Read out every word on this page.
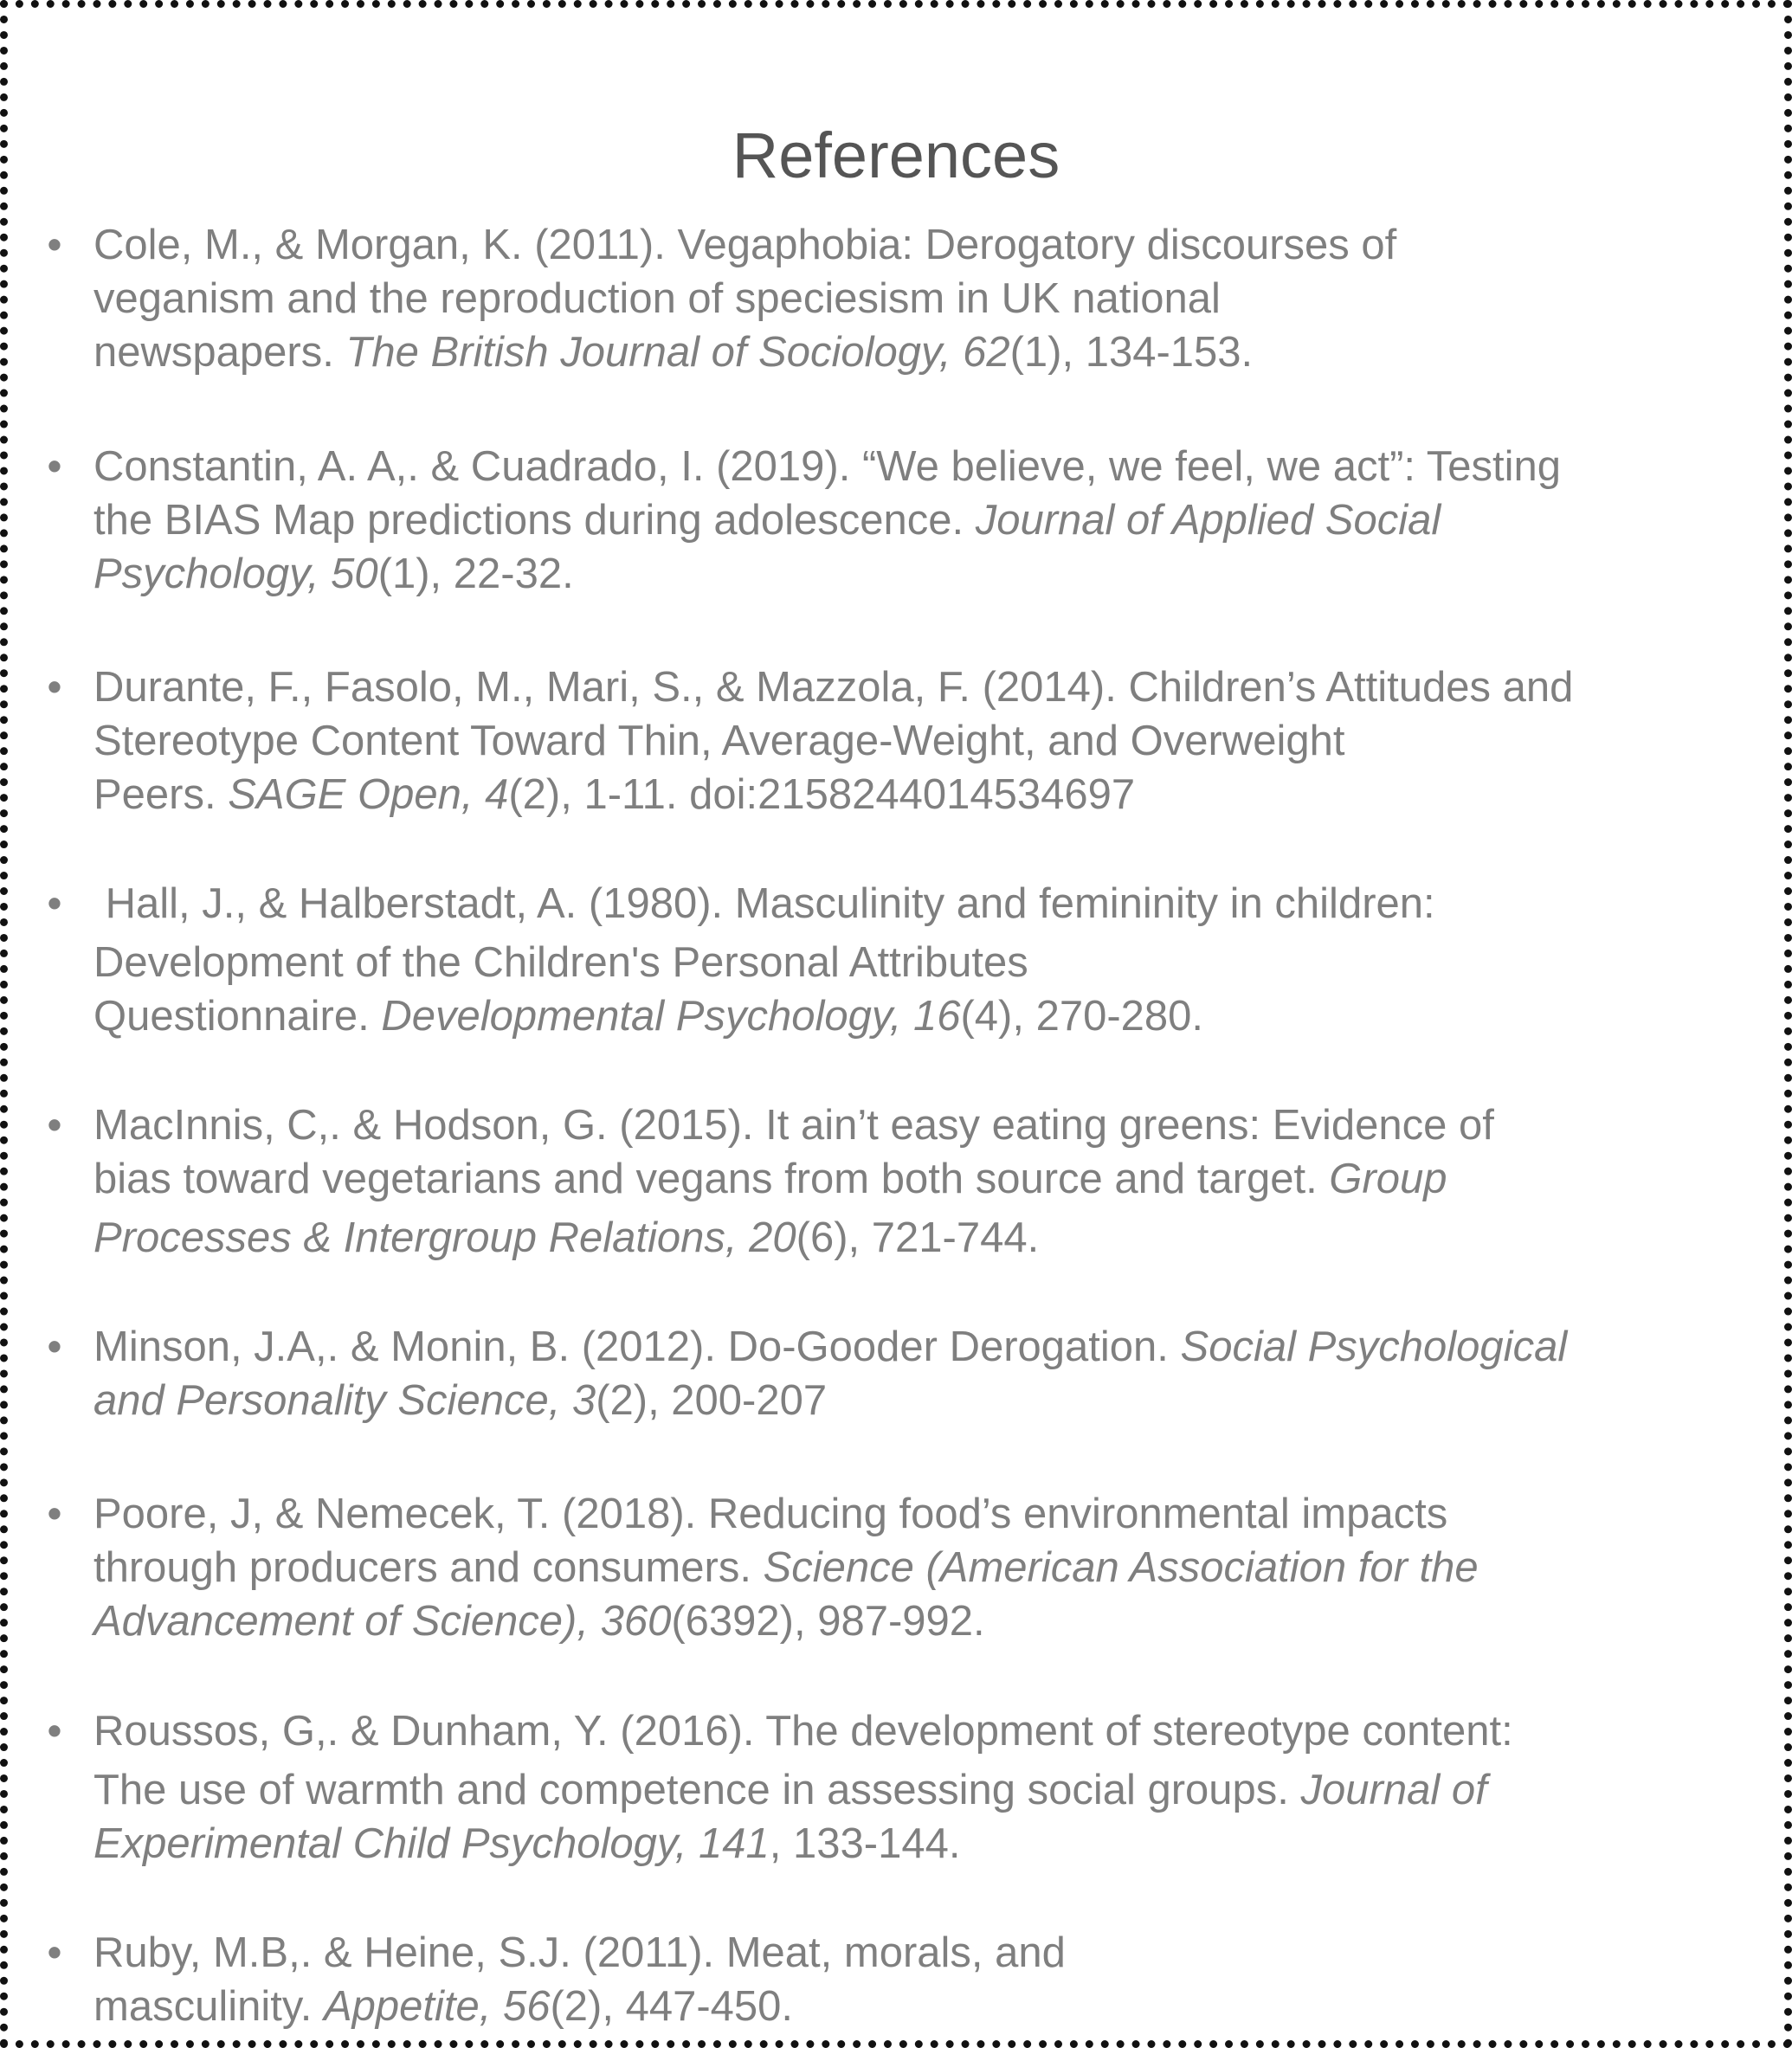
References
• Cole, M., & Morgan, K. (2011). Vegaphobia: Derogatory discourses of
veganism and the reproduction of speciesism in UK national
newspapers. The British Journal of Sociology, 62(1), 134-153.
• Constantin, A. A,. & Cuadrado, I. (2019). “We believe, we feel, we act”: Testing
the BIAS Map predictions during adolescence. Journal of Applied Social
Psychology, 50(1), 22-32.
• Durante, F., Fasolo, M., Mari, S., & Mazzola, F. (2014). Children’s Attitudes and
Stereotype Content Toward Thin, Average-Weight, and Overweight
Peers. SAGE Open, 4(2), 1-11. doi:2158244014534697
• Hall, J., & Halberstadt, A. (1980). Masculinity and femininity in children:
Development of the Children's Personal Attributes
Questionnaire. Developmental Psychology, 16(4), 270-280.
• MacInnis, C,. & Hodson, G. (2015). It ain’t easy eating greens: Evidence of
bias toward vegetarians and vegans from both source and target. Group
Processes & Intergroup Relations, 20(6), 721-744.
• Minson, J.A,. & Monin, B. (2012). Do-Gooder Derogation. Social Psychological
and Personality Science, 3(2), 200-207
• Poore, J, & Nemecek, T. (2018). Reducing food’s environmental impacts
through producers and consumers. Science (American Association for the
Advancement of Science), 360(6392), 987-992.
• Roussos, G,. & Dunham, Y. (2016). The development of stereotype content:
The use of warmth and competence in assessing social groups. Journal of
Experimental Child Psychology, 141, 133-144.
• Ruby, M.B,. & Heine, S.J. (2011). Meat, morals, and
masculinity. Appetite, 56(2), 447-450.
